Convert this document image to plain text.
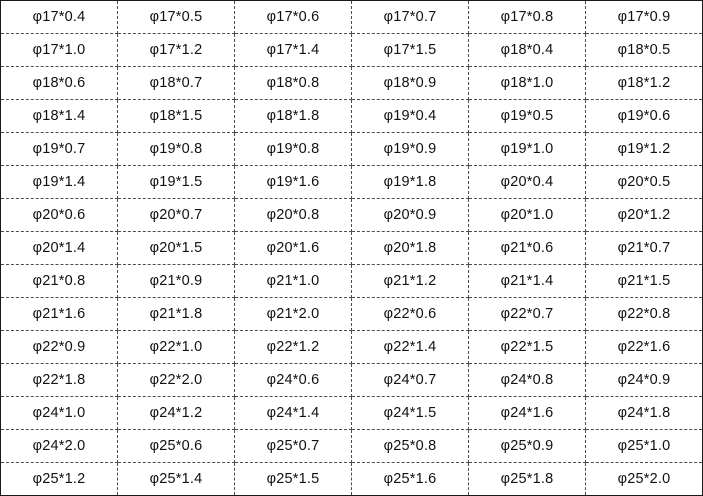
φ17*0.4	φ17*0.5	φ17*0.6	φ17*0.7	φ17*0.8	φ17*0.9
φ17*1.0	φ17*1.2	φ17*1.4	φ17*1.5	φ18*0.4	φ18*0.5
φ18*0.6	φ18*0.7	φ18*0.8	φ18*0.9	φ18*1.0	φ18*1.2
φ18*1.4	φ18*1.5	φ18*1.8	φ19*0.4	φ19*0.5	φ19*0.6
φ19*0.7	φ19*0.8	φ19*0.8	φ19*0.9	φ19*1.0	φ19*1.2
φ19*1.4	φ19*1.5	φ19*1.6	φ19*1.8	φ20*0.4	φ20*0.5
φ20*0.6	φ20*0.7	φ20*0.8	φ20*0.9	φ20*1.0	φ20*1.2
φ20*1.4	φ20*1.5	φ20*1.6	φ20*1.8	φ21*0.6	φ21*0.7
φ21*0.8	φ21*0.9	φ21*1.0	φ21*1.2	φ21*1.4	φ21*1.5
φ21*1.6	φ21*1.8	φ21*2.0	φ22*0.6	φ22*0.7	φ22*0.8
φ22*0.9	φ22*1.0	φ22*1.2	φ22*1.4	φ22*1.5	φ22*1.6
φ22*1.8	φ22*2.0	φ24*0.6	φ24*0.7	φ24*0.8	φ24*0.9
φ24*1.0	φ24*1.2	φ24*1.4	φ24*1.5	φ24*1.6	φ24*1.8
φ24*2.0	φ25*0.6	φ25*0.7	φ25*0.8	φ25*0.9	φ25*1.0
φ25*1.2	φ25*1.4	φ25*1.5	φ25*1.6	φ25*1.8	φ25*2.0
